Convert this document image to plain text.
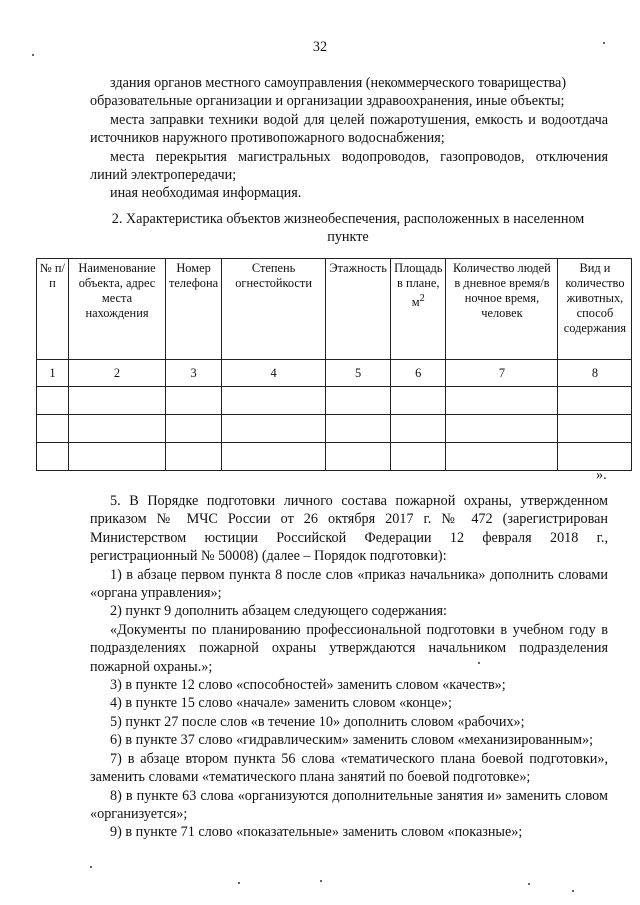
32
здания органов местного самоуправления (некоммерческого товарищества)
образовательные организации и организации здравоохранения, иные объекты;
места заправки техники водой для целей пожаротушения, емкость и водоотдача источников наружного противопожарного водоснабжения;
места перекрытия магистральных водопроводов, газопроводов, отключения линий электропередачи;
иная необходимая информация.
2. Характеристика объектов жизнеобеспечения, расположенных в населенном
пункте
№ п/п	Наименование объекта, адрес места нахождения	Номер телефона	Степень огнестойкости	Этажность	Площадь в плане, $м^2$	Количество людей в дневное время/в ночное время, человек	Вид и количество животных, способ содержания
1	2	3	4	5	6	7	8

».
5. В Порядке подготовки личного состава пожарной охраны, утвержденном приказом № МЧС России от 26 октября 2017 г. № 472 (зарегистрирован Министерством юстиции Российской Федерации 12 февраля 2018 г., регистрационный № 50008) (далее – Порядок подготовки):
1) в абзаце первом пункта 8 после слов «приказ начальника» дополнить словами «органа управления»;
2) пункт 9 дополнить абзацем следующего содержания:
«Документы по планированию профессиональной подготовки в учебном году в подразделениях пожарной охраны утверждаются начальником подразделения пожарной охраны.»;
3) в пункте 12 слово «способностей» заменить словом «качеств»;
4) в пункте 15 слово «начале» заменить словом «конце»;
5) пункт 27 после слов «в течение 10» дополнить словом «рабочих»;
6) в пункте 37 слово «гидравлическим» заменить словом «механизированным»;
7) в абзаце втором пункта 56 слова «тематического плана боевой подготовки», заменить словами «тематического плана занятий по боевой подготовке»;
8) в пункте 63 слова «организуются дополнительные занятия и» заменить словом «организуется»;
9) в пункте 71 слово «показательные» заменить словом «показные»;
